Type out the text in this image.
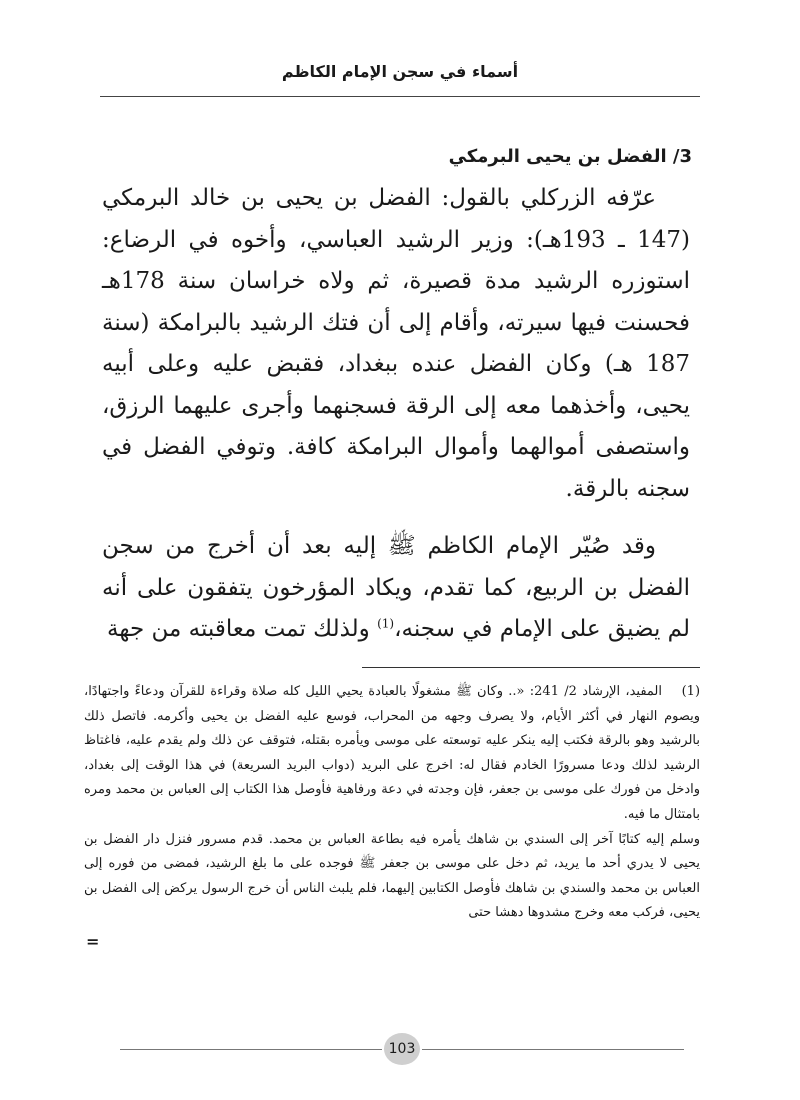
أسماء في سجن الإمام الكاظم
3/ الفضل بن يحيى البرمكي

عرّفه الزركلي بالقول: الفضل بن يحيى بن خالد البرمكي (147 ـ 193هـ): وزير الرشيد العباسي، وأخوه في الرضاع: استوزره الرشيد مدة قصيرة، ثم ولاه خراسان سنة 178هـ فحسنت فيها سيرته، وأقام إلى أن فتك الرشيد بالبرامكة (سنة 187 هـ) وكان الفضل عنده ببغداد، فقبض عليه وعلى أبيه يحيى، وأخذهما معه إلى الرقة فسجنهما وأجرى عليهما الرزق، واستصفى أموالهما وأموال البرامكة كافة. وتوفي الفضل في سجنه بالرقة.

وقد صُيّر الإمام الكاظم ﷺ إليه بعد أن أخرج من سجن الفضل بن الربيع، كما تقدم، ويكاد المؤرخون يتفقون على أنه لم يضيق على الإمام في سجنه،$^{(1)}$ ولذلك تمت معاقبته من جهة

(1)المفيد، الإرشاد 2/ 241: «.. وكان ﷺ مشغولًا بالعبادة يحيي الليل كله صلاة وقراءة للقرآن ودعاءً واجتهادًا، ويصوم النهار في أكثر الأيام، ولا يصرف وجهه من المحراب، فوسع عليه الفضل بن يحيى وأكرمه. فاتصل ذلك بالرشيد وهو بالرقة فكتب إليه ينكر عليه توسعته على موسى ويأمره بقتله، فتوقف عن ذلك ولم يقدم عليه، فاغتاظ الرشيد لذلك ودعا مسرورًا الخادم فقال له: اخرج على البريد (دواب البريد السريعة) في هذا الوقت إلى بغداد، وادخل من فورك على موسى بن جعفر، فإن وجدته في دعة ورفاهية فأوصل هذا الكتاب إلى العباس بن محمد ومره بامتثال ما فيه.

وسلم إليه كتابًا آخر إلى السندي بن شاهك يأمره فيه بطاعة العباس بن محمد. قدم مسرور فنزل دار الفضل بن يحيى لا يدري أحد ما يريد، ثم دخل على موسى بن جعفر ﷺ فوجده على ما بلغ الرشيد، فمضى من فوره إلى العباس بن محمد والسندي بن شاهك فأوصل الكتابين إليهما، فلم يلبث الناس أن خرج الرسول يركض إلى الفضل بن يحيى، فركب معه وخرج مشدوها دهشا حتى

=
103
